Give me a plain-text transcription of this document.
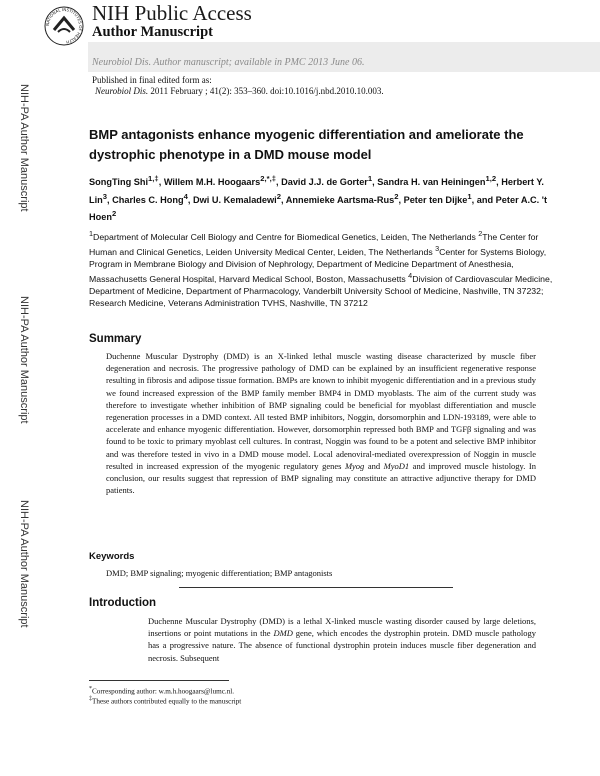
NATIONAL INSTITUTES OF HEALTH
NIH Public Access
Author Manuscript
Neurobiol Dis. Author manuscript; available in PMC 2013 June 06.
Published in final edited form as:
Neurobiol Dis. 2011 February ; 41(2): 353–360. doi:10.1016/j.nbd.2010.10.003.
NIH-PA Author Manuscript
NIH-PA Author Manuscript
NIH-PA Author Manuscript
BMP antagonists enhance myogenic differentiation and ameliorate the dystrophic phenotype in a DMD mouse model
SongTing Shi$^{1,\ddagger}$, Willem M.H. Hoogaars$^{2,*,\ddagger}$, David J.J. de Gorter$^1$, Sandra H. van Heiningen$^{1,2}$, Herbert Y. Lin$^3$, Charles C. Hong$^4$, Dwi U. Kemaladewi$^2$, Annemieke Aartsma-Rus$^2$, Peter ten Dijke$^1$, and Peter A.C. 't Hoen$^2$
$^1$Department of Molecular Cell Biology and Centre for Biomedical Genetics, Leiden, The Netherlands $^2$The Center for Human and Clinical Genetics, Leiden University Medical Center, Leiden, The Netherlands $^3$Center for Systems Biology, Program in Membrane Biology and Division of Nephrology, Department of Medicine Department of Anesthesia, Massachusetts General Hospital, Harvard Medical School, Boston, Massachusetts $^4$Division of Cardiovascular Medicine, Department of Medicine, Department of Pharmacology, Vanderbilt University School of Medicine, Nashville, TN 37232; Research Medicine, Veterans Administration TVHS, Nashville, TN 37212
Summary
Duchenne Muscular Dystrophy (DMD) is an X-linked lethal muscle wasting disease characterized by muscle fiber degeneration and necrosis. The progressive pathology of DMD can be explained by an insufficient regenerative response resulting in fibrosis and adipose tissue formation. BMPs are known to inhibit myogenic differentiation and in a previous study we found increased expression of the BMP family member BMP4 in DMD myoblasts. The aim of the current study was therefore to investigate whether inhibition of BMP signaling could be beneficial for myoblast differentiation and muscle regeneration processes in a DMD context. All tested BMP inhibitors, Noggin, dorsomorphin and LDN-193189, were able to accelerate and enhance myogenic differentiation. However, dorsomorphin repressed both BMP and TGFβ signaling and was found to be toxic to primary myoblast cell cultures. In contrast, Noggin was found to be a potent and selective BMP inhibitor and was therefore tested in vivo in a DMD mouse model. Local adenoviral-mediated overexpression of Noggin in muscle resulted in increased expression of the myogenic regulatory genes Myog and MyoD1 and improved muscle histology. In conclusion, our results suggest that repression of BMP signaling may constitute an attractive adjunctive therapy for DMD patients.
Keywords
DMD; BMP signaling; myogenic differentiation; BMP antagonists
Introduction
Duchenne Muscular Dystrophy (DMD) is a lethal X-linked muscle wasting disorder caused by large deletions, insertions or point mutations in the DMD gene, which encodes the dystrophin protein. DMD muscle pathology has a progressive nature. The absence of functional dystrophin protein induces muscle fiber degeneration and necrosis. Subsequent
*Corresponding author: w.m.h.hoogaars@lumc.nl.
‡These authors contributed equally to the manuscript
